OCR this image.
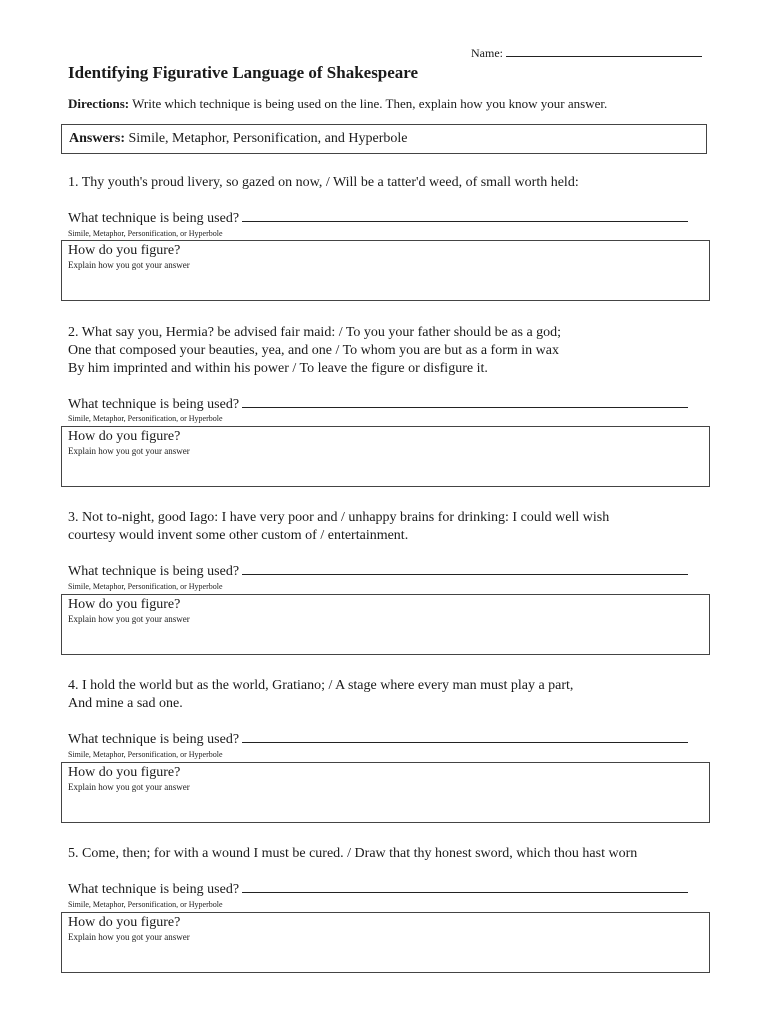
Name:
Identifying Figurative Language of Shakespeare
Directions: Write which technique is being used on the line. Then, explain how you know your answer.
Answers: Simile, Metaphor, Personification, and Hyperbole
1. Thy youth's proud livery, so gazed on now, / Will be a tatter'd weed, of small worth held:
What technique is being used?
Simile, Metaphor, Personification, or Hyperbole
How do you figure?
Explain how you got your answer
2. What say you, Hermia? be advised fair maid: / To you your father should be as a god;
One that composed your beauties, yea, and one / To whom you are but as a form in wax
By him imprinted and within his power / To leave the figure or disfigure it.
What technique is being used?
Simile, Metaphor, Personification, or Hyperbole
How do you figure?
Explain how you got your answer
3. Not to-night, good Iago: I have very poor and / unhappy brains for drinking: I could well wish
courtesy would invent some other custom of / entertainment.
What technique is being used?
Simile, Metaphor, Personification, or Hyperbole
How do you figure?
Explain how you got your answer
4. I hold the world but as the world, Gratiano; / A stage where every man must play a part,
And mine a sad one.
What technique is being used?
Simile, Metaphor, Personification, or Hyperbole
How do you figure?
Explain how you got your answer
5. Come, then; for with a wound I must be cured. / Draw that thy honest sword, which thou hast worn
What technique is being used?
Simile, Metaphor, Personification, or Hyperbole
How do you figure?
Explain how you got your answer
